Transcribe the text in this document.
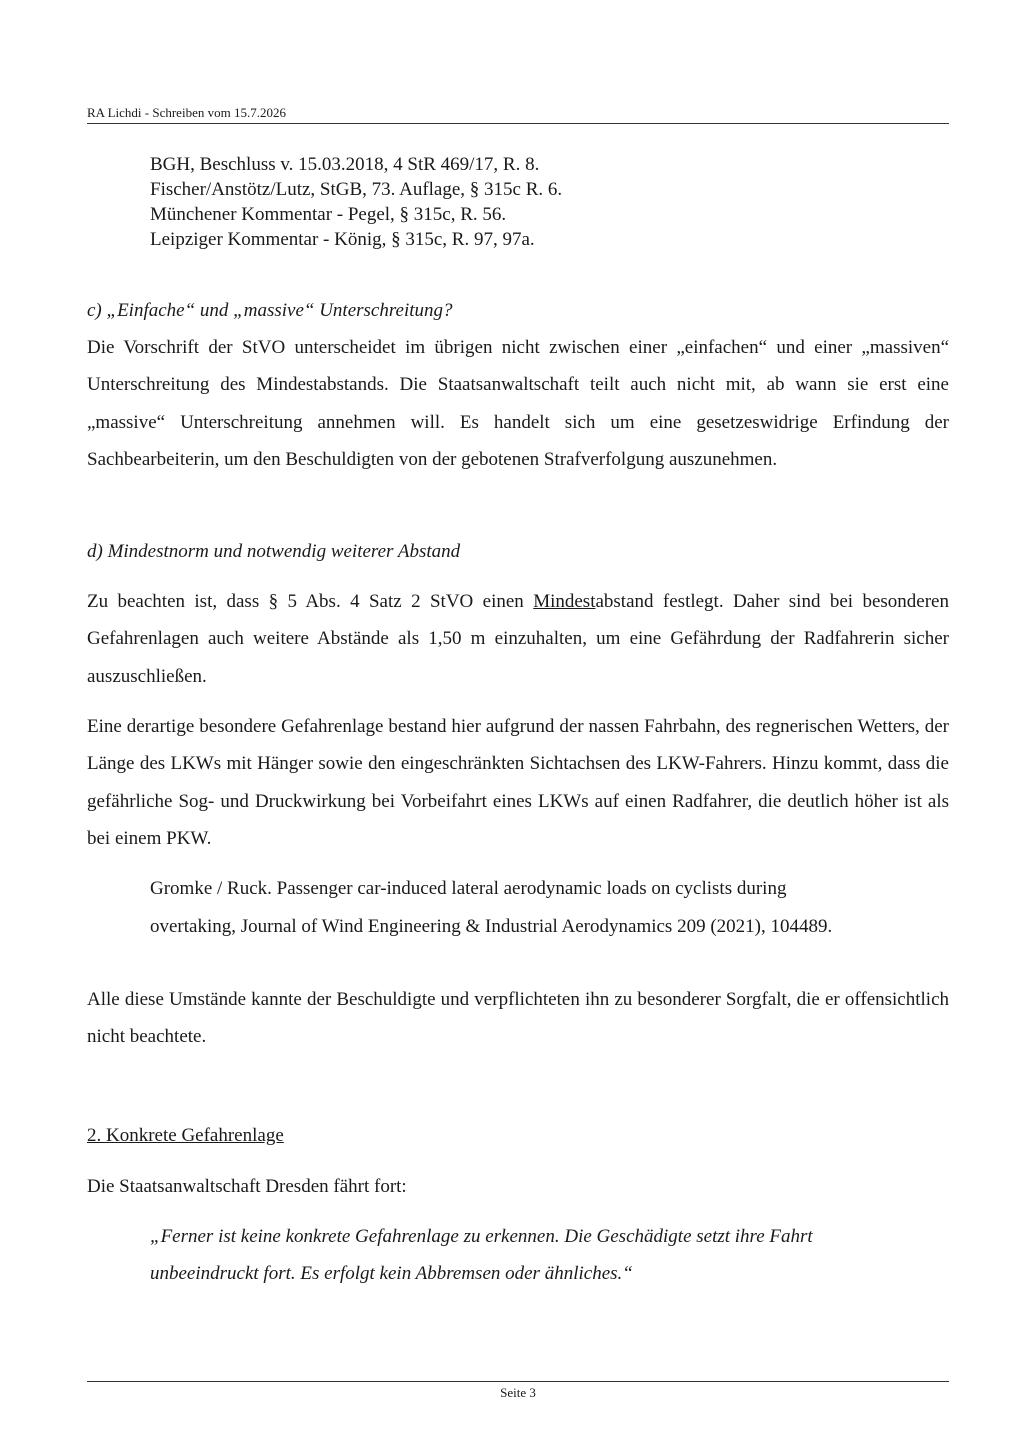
RA Lichdi - Schreiben vom 15.7.2026
BGH, Beschluss v. 15.03.2018, 4 StR 469/17, R. 8.
Fischer/Anstötz/Lutz, StGB, 73. Auflage, § 315c R. 6.
Münchener Kommentar - Pegel, § 315c, R. 56.
Leipziger Kommentar - König, § 315c, R. 97, 97a.

c) „Einfache“ und „massive“ Unterschreitung?

Die Vorschrift der StVO unterscheidet im übrigen nicht zwischen einer „einfachen“ und einer „massiven“ Unterschreitung des Mindestabstands. Die Staatsanwaltschaft teilt auch nicht mit, ab wann sie erst eine „massive“ Unterschreitung annehmen will. Es handelt sich um eine gesetzeswidrige Erfindung der Sachbearbeiterin, um den Beschuldigten von der gebotenen Strafverfolgung auszunehmen.

d) Mindestnorm und notwendig weiterer Abstand

Zu beachten ist, dass § 5 Abs. 4 Satz 2 StVO einen Mindestabstand festlegt. Daher sind bei besonderen Gefahrenlagen auch weitere Abstände als 1,50 m einzuhalten, um eine Gefährdung der Radfahrerin sicher auszuschließen.

Eine derartige besondere Gefahrenlage bestand hier aufgrund der nassen Fahrbahn, des regnerischen Wetters, der Länge des LKWs mit Hänger sowie den eingeschränkten Sichtachsen des LKW-Fahrers. Hinzu kommt, dass die gefährliche Sog- und Druckwirkung bei Vorbeifahrt eines LKWs auf einen Radfahrer, die deutlich höher ist als bei einem PKW.

Gromke / Ruck. Passenger car-induced lateral aerodynamic loads on cyclists during
overtaking, Journal of Wind Engineering & Industrial Aerodynamics 209 (2021), 104489.

Alle diese Umstände kannte der Beschuldigte und verpflichteten ihn zu besonderer Sorgfalt, die er offensichtlich nicht beachtete.

2. Konkrete Gefahrenlage

Die Staatsanwaltschaft Dresden fährt fort:

„Ferner ist keine konkrete Gefahrenlage zu erkennen. Die Geschädigte setzt ihre Fahrt
unbeeindruckt fort. Es erfolgt kein Abbremsen oder ähnliches.“
Seite 3
